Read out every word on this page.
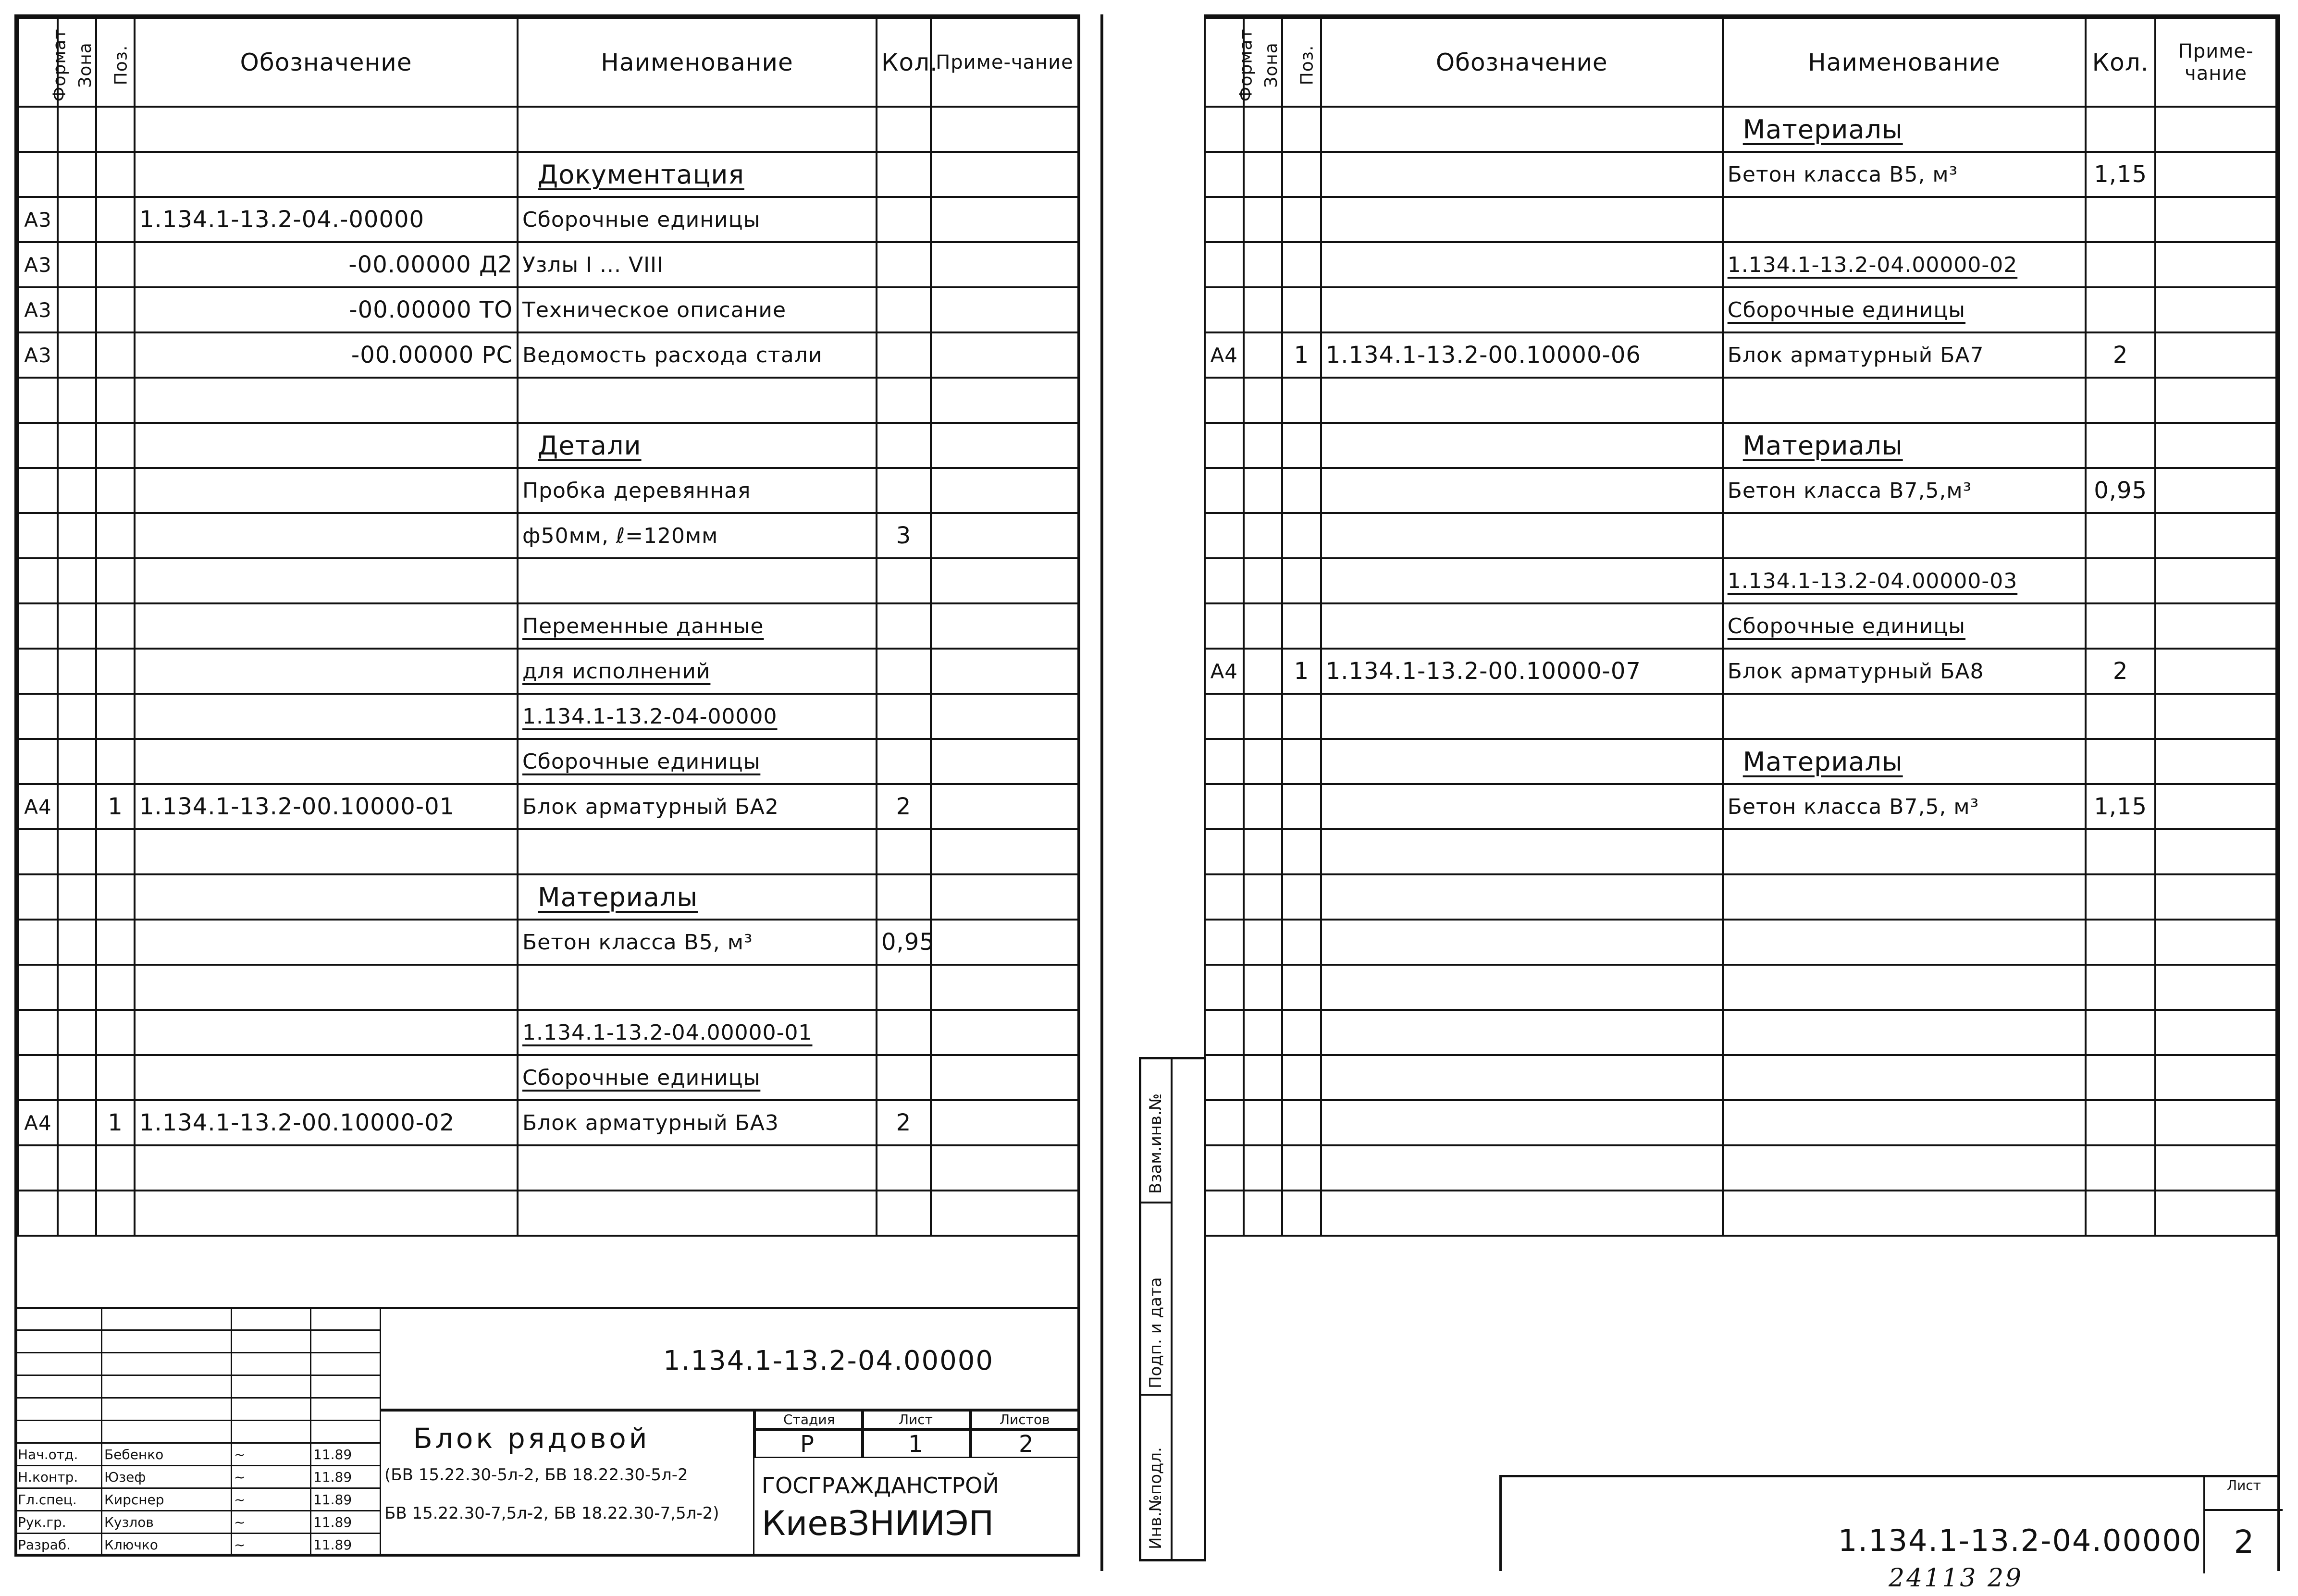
Формат	Зона	Поз.	Обозначение	Наименование	Кол.	Приме-чание

				Документация		
А3			1.134.1-13.2-04.-00000	Сборочные единицы		
А3			-00.00000 Д2	Узлы I ... VIII		
А3			-00.00000 ТО	Техническое описание		
А3			-00.00000 РС	Ведомость расхода стали		

				Детали		
				Пробка деревянная		
				ф50мм, ℓ=120мм	3	

				Переменные данные		
				для исполнений		
				1.134.1-13.2-04-00000		
				Сборочные единицы		
А4		1	1.134.1-13.2-00.10000-01	Блок арматурный БА2	2	

				Материалы		
				Бетон класса В5, м³	0,95	

				1.134.1-13.2-04.00000-01		
				Сборочные единицы		
А4		1	1.134.1-13.2-00.10000-02	Блок арматурный БА3	2	

1.134.1-13.2-04.00000
Блок рядовой
(БВ 15.22.30-5л-2, БВ 18.22.30-5л-2
БВ 15.22.30-7,5л-2, БВ 18.22.30-7,5л-2)
Стадия	Лист	Листов
Р	1	2
ГОСГРАЖДАНСТРОЙ
КиевЗНИИЭП

Нач.отд.	Бебенко	~	11.89
Н.контр.	Юзеф	~	11.89
Гл.спец.	Кирснер	~	11.89
Рук.гр.	Кузлов	~	11.89
Разраб.	Ключко	~	11.89
Формат	Зона	Поз.	Обозначение	Наименование	Кол.	Приме-чание
				Материалы		
				Бетон класса В5, м³	1,15	

				1.134.1-13.2-04.00000-02		
				Сборочные единицы		
А4		1	1.134.1-13.2-00.10000-06	Блок арматурный БА7	2	

				Материалы		
				Бетон класса В7,5,м³	0,95	

				1.134.1-13.2-04.00000-03		
				Сборочные единицы		
А4		1	1.134.1-13.2-00.10000-07	Блок арматурный БА8	2	

				Материалы		
				Бетон класса В7,5, м³	1,15	

Взам.инв.№
Подп. и дата
Инв.№подл.	1.134.1-13.2-04.00000
Лист
2
24113 29
